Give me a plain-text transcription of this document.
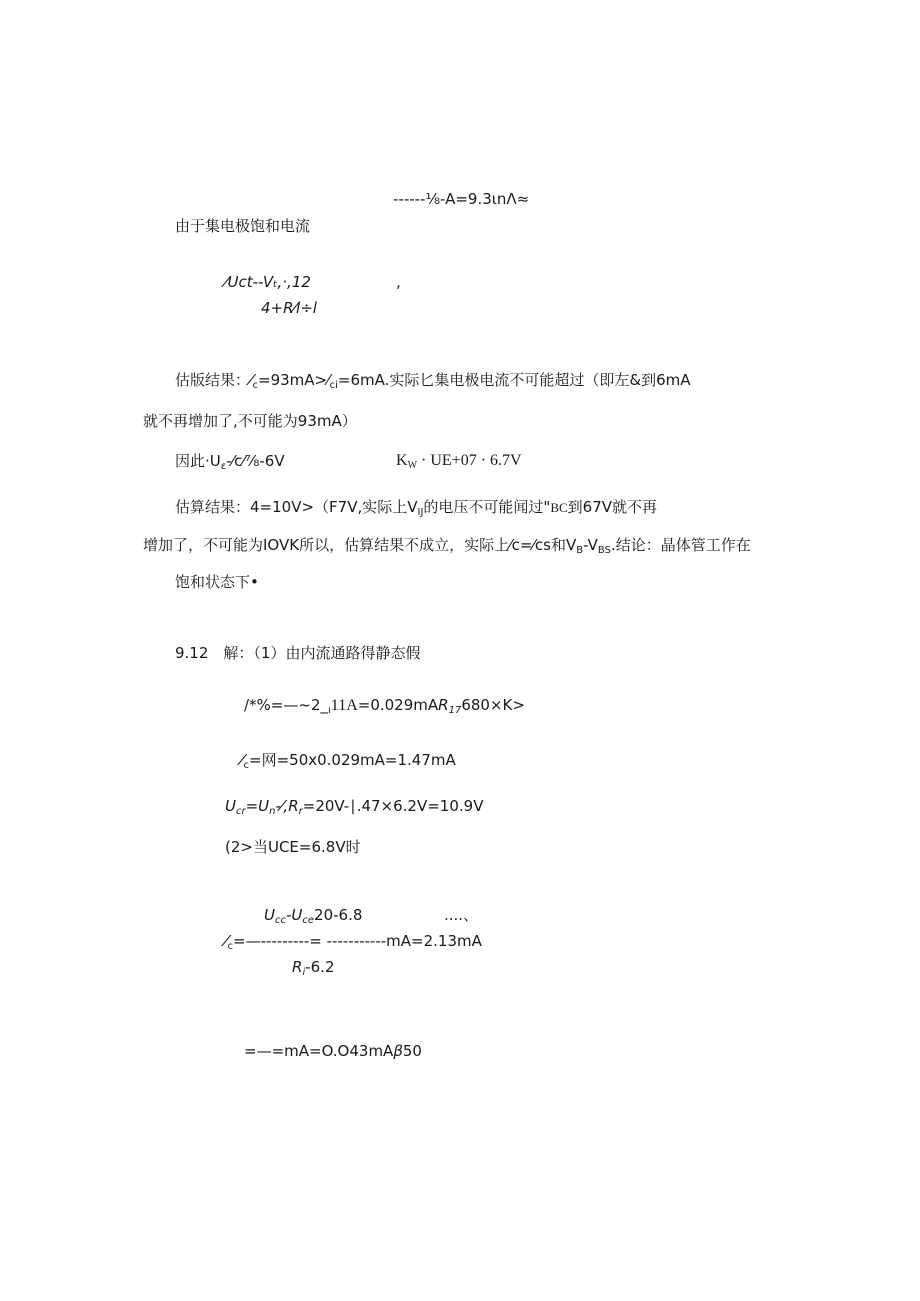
------⅛-A=9.3ιnΛ≈
由于集电极饱和电流
⁄Uct--Vₜ,·,12	,
4+R⁄l÷l
估版结果：$⁄_c=93mA>⁄_{ci}=6mA$.实际匕集电极电流不可能超过（即左&到6mA
就不再增加了,不可能为93mA）
因此$\cdot U_\varepsilon-⁄c⁄\frac{7}{8}-6V$	$K_W \cdot UE+07 \cdot 6.7V$
估算结果：4=10V>（F7V,实际上$V_{IJ}$的电压不可能闻过"BC到67V就不再
增加了，不可能为IOVK所以，估算结果不成立，实际上⁄c=⁄cs和$V_B-V_{BS}$.结论：晶体管工作在
饱和状态下•
9.12　解：（1）由内流通路得静态假
$/*\%=—\sim 2\__ı11A=0.029mAR_{17}680\times K>$
$⁄_c=$网=50x0.029mA=1.47mA
$U_{cr}=U_n-⁄,R_r=20V-∣.47\times 6.2V=10.9V$
(2>当UCE=6.8V时
$U_{cc}-U_{ce}20-6.8$	....、
$⁄_c=—---------= -----------mA=2.13mA$
$R_i-6.2$
=—=mA=O.O43mAβ50
